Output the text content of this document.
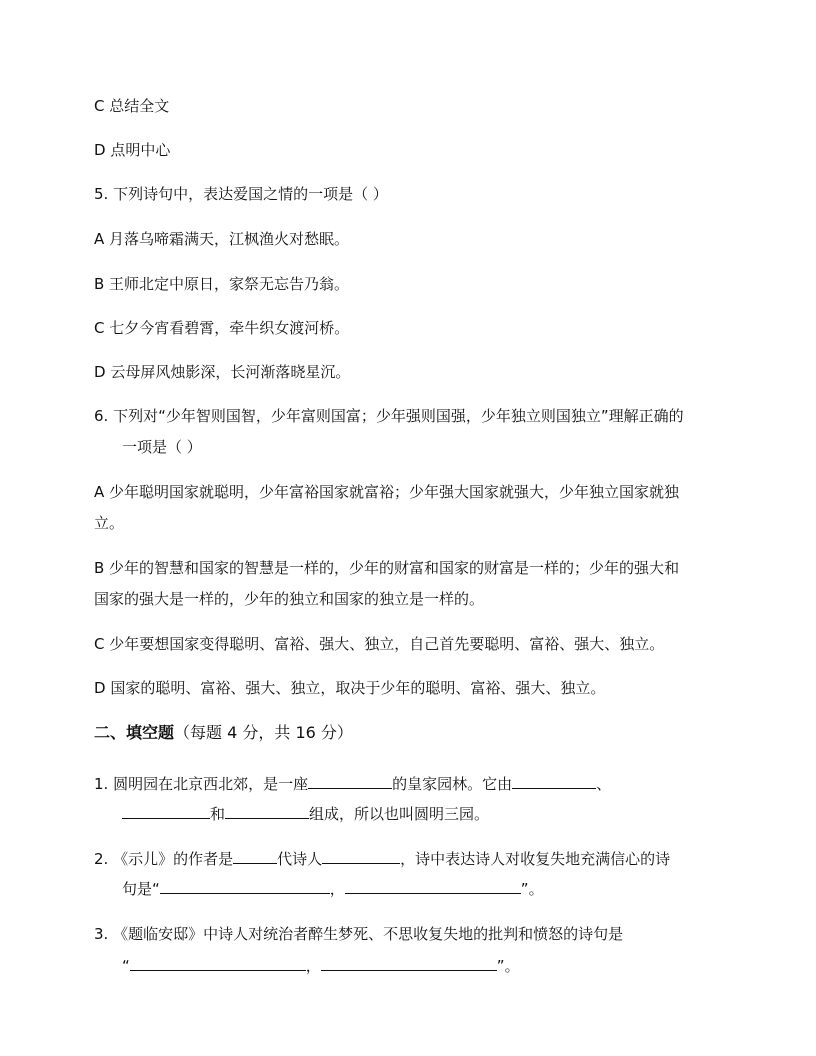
C 总结全文
D 点明中心
5. 下列诗句中，表达爱国之情的一项是（ ）
A 月落乌啼霜满天，江枫渔火对愁眠。
B 王师北定中原日，家祭无忘告乃翁。
C 七夕今宵看碧霄，牵牛织女渡河桥。
D 云母屏风烛影深，长河渐落晓星沉。
6. 下列对“少年智则国智，少年富则国富；少年强则国强，少年独立则国独立”理解正确的
一项是（ ）
A 少年聪明国家就聪明，少年富裕国家就富裕；少年强大国家就强大，少年独立国家就独
立。
B 少年的智慧和国家的智慧是一样的，少年的财富和国家的财富是一样的；少年的强大和
国家的强大是一样的，少年的独立和国家的独立是一样的。
C 少年要想国家变得聪明、富裕、强大、独立，自己首先要聪明、富裕、强大、独立。
D 国家的聪明、富裕、强大、独立，取决于少年的聪明、富裕、强大、独立。
二、填空题（每题 4 分，共 16 分）
1. 圆明园在北京西北郊，是一座	的皇家园林。它由	、
和	组成，所以也叫圆明三园。
2. 《示儿》的作者是	代诗人	，诗中表达诗人对收复失地充满信心的诗
句是“	，	”。
3. 《题临安邸》中诗人对统治者醉生梦死、不思收复失地的批判和愤怒的诗句是
“	，	”。
